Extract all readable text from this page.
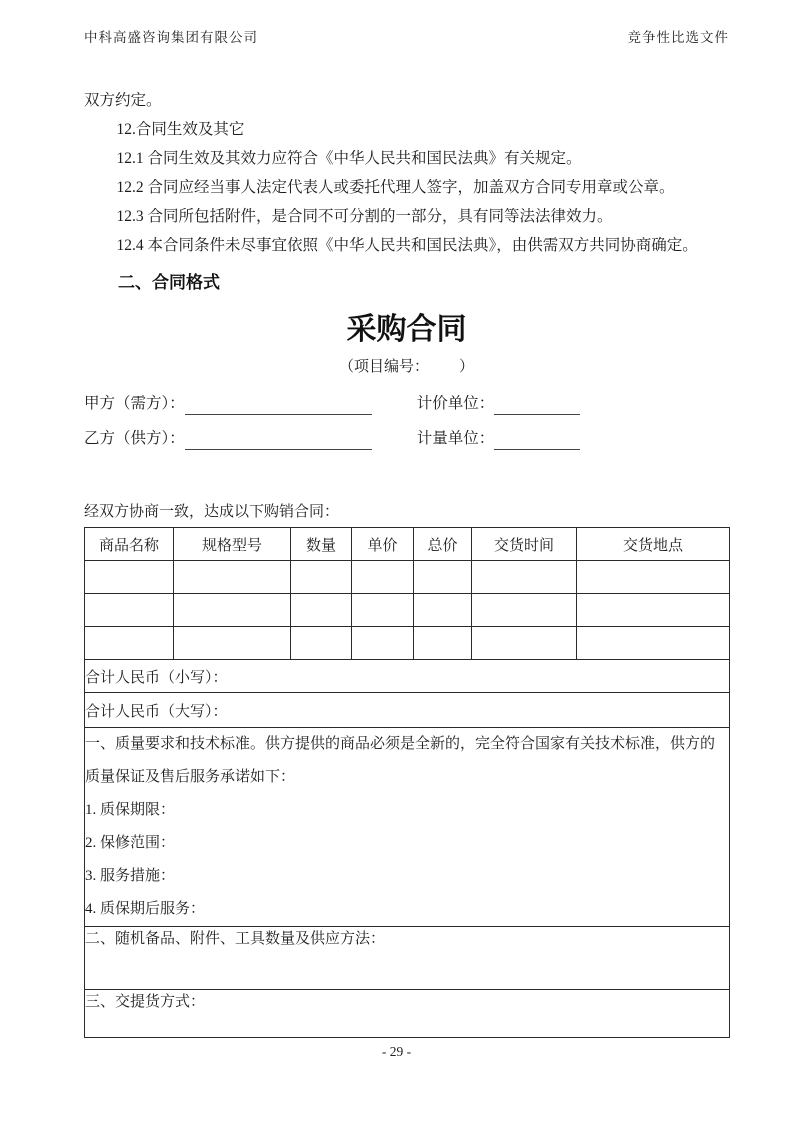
中科高盛咨询集团有限公司	竞争性比选文件

双方约定。

12.合同生效及其它

12.1 合同生效及其效力应符合《中华人民共和国民法典》有关规定。

12.2 合同应经当事人法定代表人或委托代理人签字，加盖双方合同专用章或公章。

12.3 合同所包括附件，是合同不可分割的一部分，具有同等法法律效力。

12.4 本合同条件未尽事宜依照《中华人民共和国民法典》，由供需双方共同协商确定。

二、合同格式

采购合同
（项目编号：        ）
甲方（需方）：	计价单位：
乙方（供方）：	计量单位：

经双方协商一致，达成以下购销合同：

商品名称	规格型号	数量	单价	总价	交货时间	交货地点

合计人民币（小写）：						
合计人民币（大写）：						

一、质量要求和技术标准。供方提供的商品必须是全新的，完全符合国家有关技术标准，供方的质量保证及售后服务承诺如下：
1. 质保期限：
2. 保修范围：
3. 服务措施：
4. 质保期后服务：						

二、随机备品、附件、工具数量及供应方法：						
三、交提货方式：						
- 29 -
